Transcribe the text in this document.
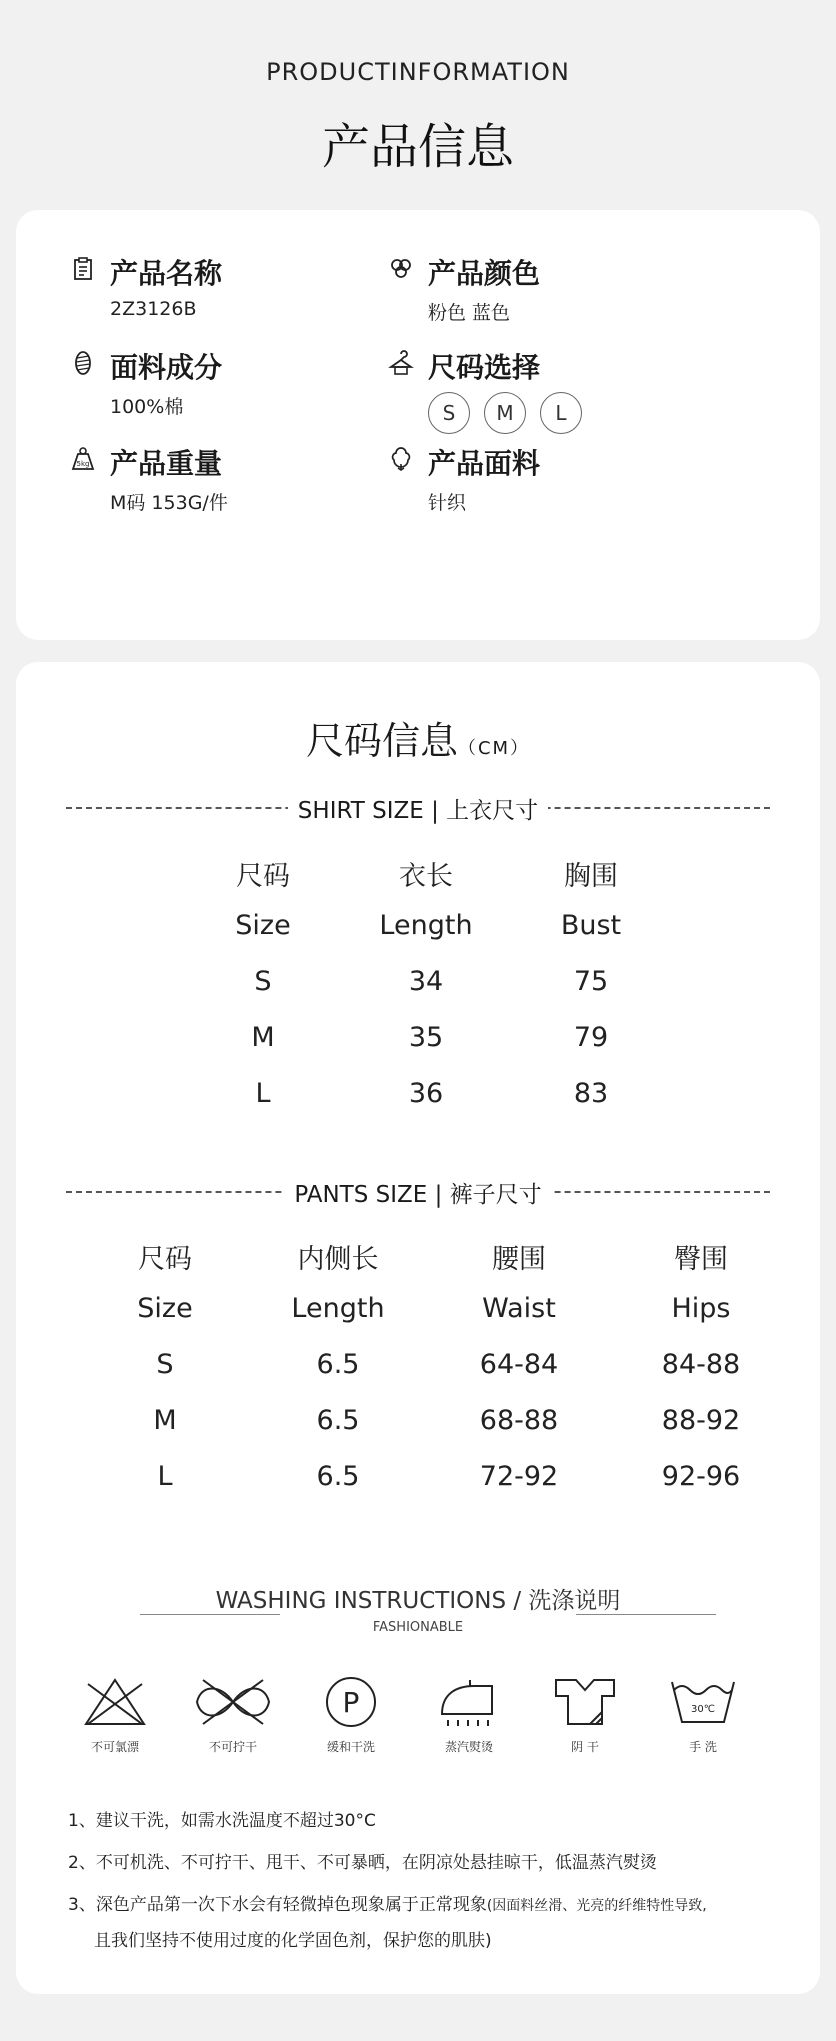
PRODUCTINFORMATION
产品信息
产品名称
2Z3126B
产品颜色
粉色 蓝色
面料成分
100%棉
尺码选择
S	M	L
5kg 产品重量
M码 153G/件
产品面料
针织
尺码信息（CM）
SHIRT SIZE | 上衣尺寸
尺码	衣长	胸围
Size	Length	Bust
S	34	75
M	35	79
L	36	83
PANTS SIZE | 裤子尺寸
尺码	内侧长	腰围	臀围
Size	Length	Waist	Hips
S	6.5	64-84	84-88
M	6.5	68-88	88-92
L	6.5	72-92	92-96
WASHING INSTRUCTIONS / 洗涤说明
FASHIONABLE
不可氯漂	不可拧干
P
缓和干洗	蒸汽熨烫	阴 干
30℃
手 洗
1、建议干洗，如需水洗温度不超过30°C
2、不可机洗、不可拧干、甩干、不可暴晒，在阴凉处悬挂晾干，低温蒸汽熨烫
3、深色产品第一次下水会有轻微掉色现象属于正常现象(因面料丝滑、光亮的纤维特性导致,
且我们坚持不使用过度的化学固色剂，保护您的肌肤)
